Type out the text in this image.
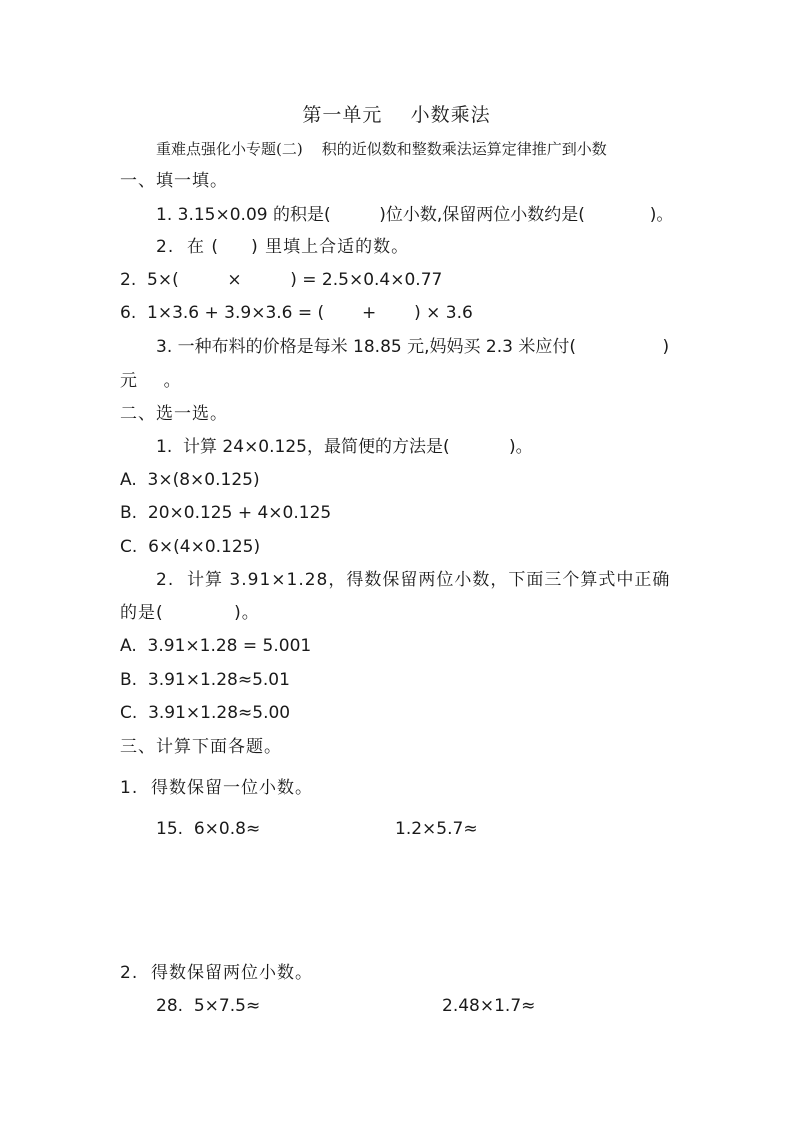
第一单元    小数乘法
重难点强化小专题(二)    积的近似数和整数乘法运算定律推广到小数
一、填一填。
1. 3.15×0.09 的积是(         )位小数,保留两位小数约是(            )。
2.  在 (     ) 里填上合适的数。
2.  5×(         ×         ) = 2.5×0.4×0.77
6.  1×3.6 + 3.9×3.6 = (       +       ) × 3.6
3. 一种布料的价格是每米 18.85 元,妈妈买 2.3 米应付(                )
元    。
二、选一选。
1.  计算 24×0.125，最简便的方法是(           )。
A.  3×(8×0.125)
B.  20×0.125 + 4×0.125
C.  6×(4×0.125)
2.  计算 3.91×1.28，得数保留两位小数，下面三个算式中正确
的是(           )。
A.  3.91×1.28 = 5.001
B.  3.91×1.28≈5.01
C.  3.91×1.28≈5.00
三、计算下面各题。
1.  得数保留一位小数。
15.  6×0.8≈	1.2×5.7≈
2.  得数保留两位小数。
28.  5×7.5≈	2.48×1.7≈
